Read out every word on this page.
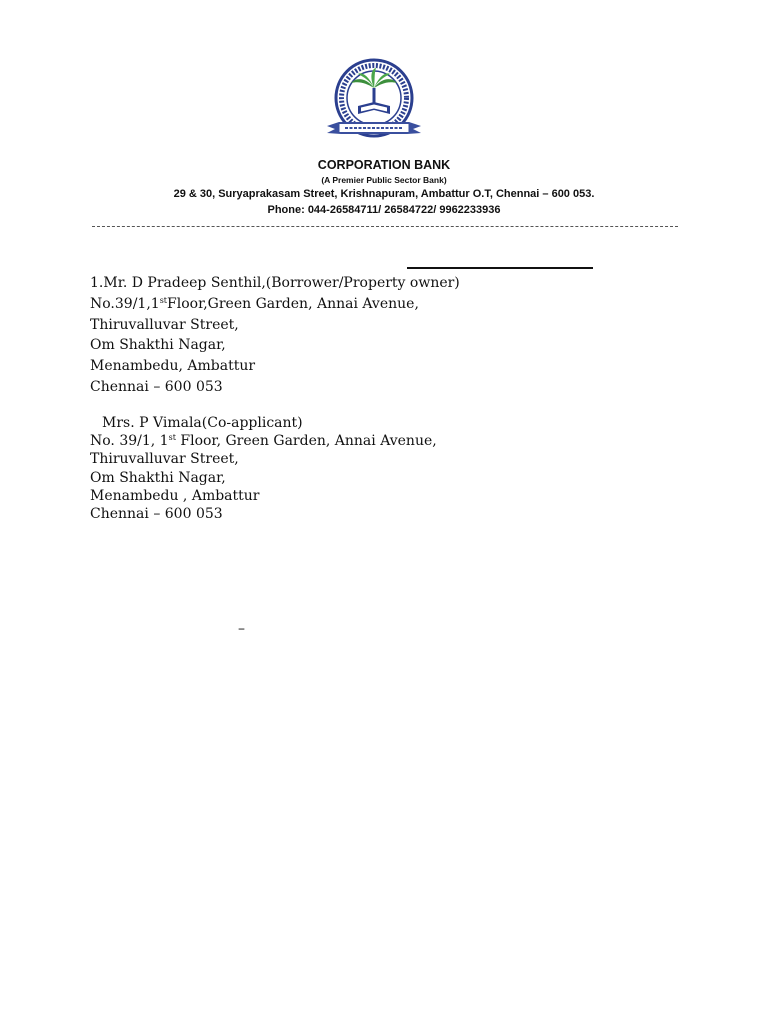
CORPORATION BANK
(A Premier Public Sector Bank)
29 & 30, Suryaprakasam Street, Krishnapuram, Ambattur O.T, Chennai – 600 053.
Phone: 044-26584711/ 26584722/ 9962233936
1.Mr. D Pradeep Senthil,(Borrower/Property owner)
No.39/1,1stFloor,Green Garden, Annai Avenue,
Thiruvalluvar Street,
Om Shakthi Nagar,
Menambedu, Ambattur
Chennai – 600 053
Mrs. P Vimala(Co-applicant)
No. 39/1, 1st Floor, Green Garden, Annai Avenue,
Thiruvalluvar Street,
Om Shakthi Nagar,
Menambedu , Ambattur
Chennai – 600 053
–
